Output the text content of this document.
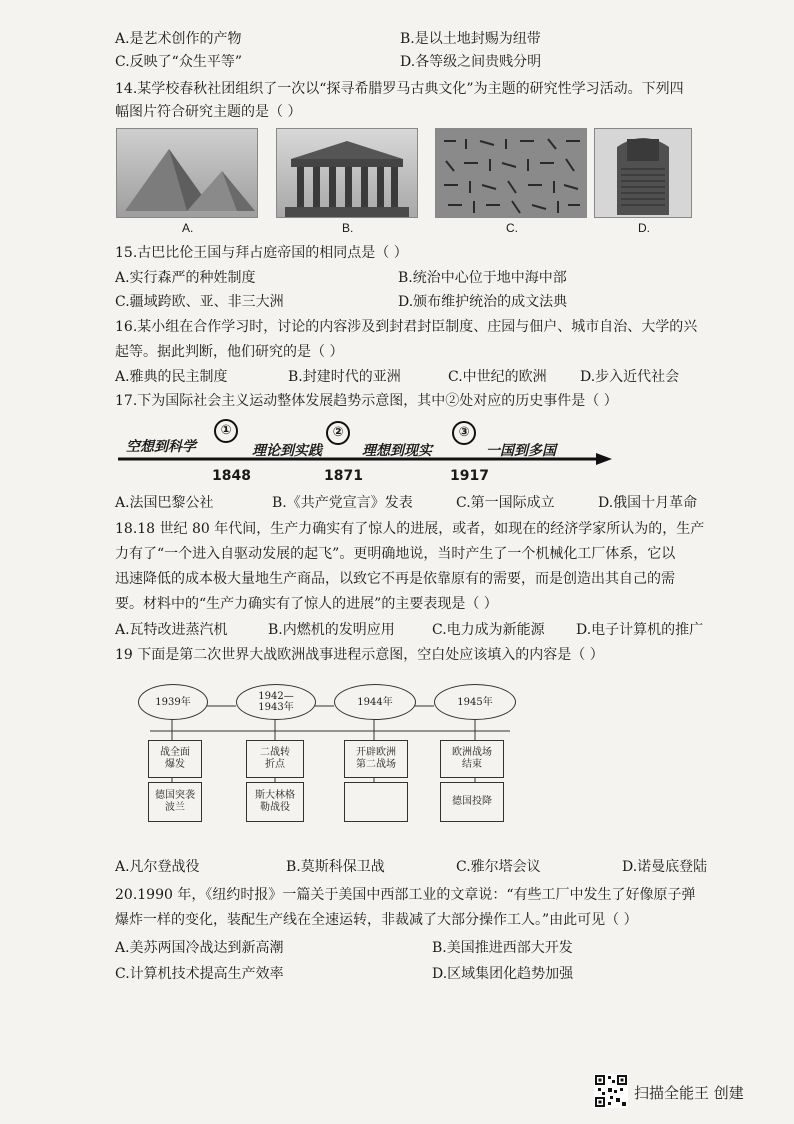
A.是艺术创作的产物	B.是以土地封赐为纽带
C.反映了“众生平等”	D.各等级之间贵贱分明
14.某学校春秋社团组织了一次以“探寻希腊罗马古典文化”为主题的研究性学习活动。下列四
幅图片符合研究主题的是（ ）
A.	B.	C.	D.
15.古巴比伦王国与拜占庭帝国的相同点是（ ）
A.实行森严的种姓制度	B.统治中心位于地中海中部
C.疆域跨欧、亚、非三大洲	D.颁布维护统治的成文法典
16.某小组在合作学习时，讨论的内容涉及到封君封臣制度、庄园与佃户、城市自治、大学的兴
起等。据此判断，他们研究的是（ ）
A.雅典的民主制度	B.封建时代的亚洲	C.中世纪的欧洲 D.步入近代社会
17.下为国际社会主义运动整体发展趋势示意图，其中②处对应的历史事件是（ ）
空想到科学	理论到实践	理想到现实	一国到多国
①	②	③
1848	1871	1917
A.法国巴黎公社	B.《共产党宣言》发表	C.第一国际成立	D.俄国十月革命
18.18 世纪 80 年代间，生产力确实有了惊人的进展，或者，如现在的经济学家所认为的，生产
力有了“一个进入自驱动发展的起飞”。更明确地说，当时产生了一个机械化工厂体系，它以
迅速降低的成本极大量地生产商品，以致它不再是依靠原有的需要，而是创造出其自己的需
要。材料中的“生产力确实有了惊人的进展”的主要表现是（ ）
A.瓦特改进蒸汽机	B.内燃机的发明应用	C.电力成为新能源 D.电子计算机的推广
19 下面是第二次世界大战欧洲战事进程示意图，空白处应该填入的内容是（ ）
1939年	1942—1943年	1944年	1945年
战全面爆发
二战转折点
开辟欧洲第二战场
欧洲战场结束
德国突袭波兰
斯大林格勒战役
德国投降
A.凡尔登战役	B.莫斯科保卫战	C.雅尔塔会议	D.诺曼底登陆
20.1990 年，《纽约时报》一篇关于美国中西部工业的文章说：“有些工厂中发生了好像原子弹
爆炸一样的变化，装配生产线在全速运转，非裁减了大部分操作工人。”由此可见（ ）
A.美苏两国冷战达到新高潮	B.美国推进西部大开发
C.计算机技术提高生产效率	D.区域集团化趋势加强
扫描全能王 创建
